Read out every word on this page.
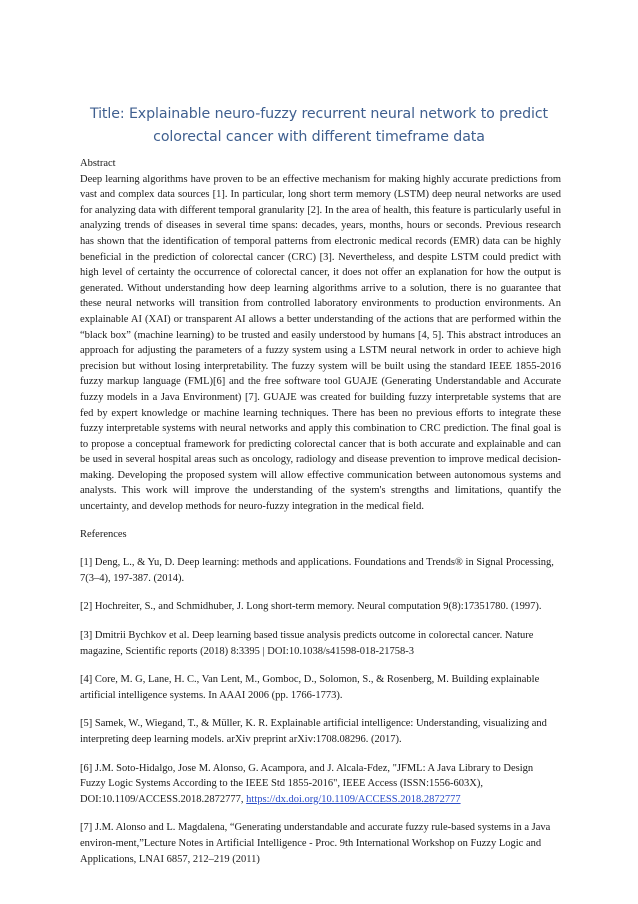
Title: Explainable neuro-fuzzy recurrent neural network to predict colorectal cancer with different timeframe data

Abstract

Deep learning algorithms have proven to be an effective mechanism for making highly accurate predictions from vast and complex data sources [1]. In particular, long short term memory (LSTM) deep neural networks are used for analyzing data with different temporal granularity [2]. In the area of health, this feature is particularly useful in analyzing trends of diseases in several time spans: decades, years, months, hours or seconds. Previous research has shown that the identification of temporal patterns from electronic medical records (EMR) data can be highly beneficial in the prediction of colorectal cancer (CRC) [3]. Nevertheless, and despite LSTM could predict with high level of certainty the occurrence of colorectal cancer, it does not offer an explanation for how the output is generated. Without understanding how deep learning algorithms arrive to a solution, there is no guarantee that these neural networks will transition from controlled laboratory environments to production environments. An explainable AI (XAI) or transparent AI allows a better understanding of the actions that are performed within the “black box” (machine learning) to be trusted and easily understood by humans [4, 5]. This abstract introduces an approach for adjusting the parameters of a fuzzy system using a LSTM neural network in order to achieve high precision but without losing interpretability. The fuzzy system will be built using the standard IEEE 1855-2016 fuzzy markup language (FML)[6] and the free software tool GUAJE (Generating Understandable and Accurate fuzzy models in a Java Environment) [7]. GUAJE was created for building fuzzy interpretable systems that are fed by expert knowledge or machine learning techniques. There has been no previous efforts to integrate these fuzzy interpretable systems with neural networks and apply this combination to CRC prediction. The final goal is to propose a conceptual framework for predicting colorectal cancer that is both accurate and explainable and can be used in several hospital areas such as oncology, radiology and disease prevention to improve medical decision-making. Developing the proposed system will allow effective communication between autonomous systems and analysts. This work will improve the understanding of the system's strengths and limitations, quantify the uncertainty, and develop methods for neuro-fuzzy integration in the medical field.

References

[1] Deng, L., & Yu, D. Deep learning: methods and applications. Foundations and Trends® in Signal Processing, 7(3–4), 197-387. (2014).

[2] Hochreiter, S., and Schmidhuber, J. Long short-term memory. Neural computation 9(8):17351780. (1997).

[3] Dmitrii Bychkov et al. Deep learning based tissue analysis predicts outcome in colorectal cancer. Nature magazine, Scientific reports (2018) 8:3395 | DOI:10.1038/s41598-018-21758-3

[4] Core, M. G, Lane, H. C., Van Lent, M., Gomboc, D., Solomon, S., & Rosenberg, M. Building explainable artificial intelligence systems. In AAAI 2006 (pp. 1766-1773).

[5] Samek, W., Wiegand, T., & Müller, K. R. Explainable artificial intelligence: Understanding, visualizing and interpreting deep learning models. arXiv preprint arXiv:1708.08296. (2017).

[6] J.M. Soto-Hidalgo, Jose M. Alonso, G. Acampora, and J. Alcala-Fdez, "JFML: A Java Library to Design Fuzzy Logic Systems According to the IEEE Std 1855-2016", IEEE Access (ISSN:1556-603X), DOI:10.1109/ACCESS.2018.2872777, https://dx.doi.org/10.1109/ACCESS.2018.2872777

[7] J.M. Alonso and L. Magdalena, “Generating understandable and accurate fuzzy rule-based systems in a Java environ-ment,”Lecture Notes in Artificial Intelligence - Proc. 9th International Workshop on Fuzzy Logic and Applications, LNAI 6857, 212–219 (2011)
